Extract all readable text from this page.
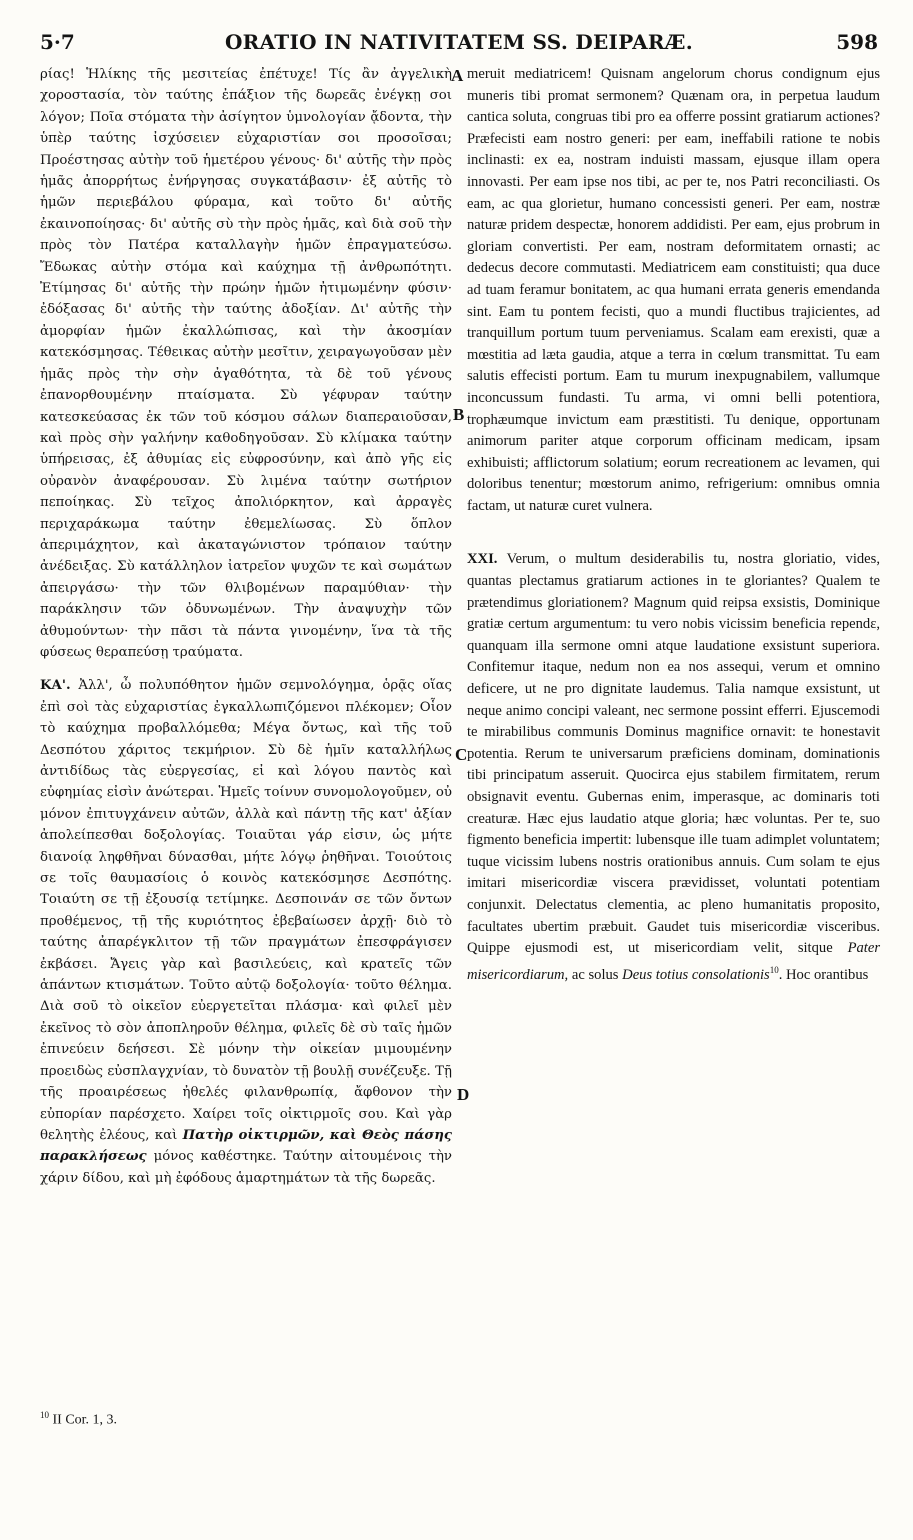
5·7	ORATIO IN NATIVITATEM SS. DEIPARÆ.	598

ρίας! Ἡλίκης τῆς μεσιτείας ἐπέτυχε! Τίς ἂν ἀγγελικὴ χοροστασία, τὸν ταύτης ἐπάξιον τῆς δωρεᾶς ἐνέγκῃ σοι λόγον; Ποῖα στόματα τὴν ἀσίγητον ὑμνολογίαν ᾄδοντα, τὴν ὑπὲρ ταύτης ἰσχύσειεν εὐχαριστίαν σοι προσοῖσαι; Προέστησας αὐτὴν τοῦ ἡμετέρου γένους· δι' αὐτῆς τὴν πρὸς ἡμᾶς ἀπορρήτως ἐνήργησας συγκατάβασιν· ἐξ αὐτῆς τὸ ἡμῶν περιεβάλου φύραμα, καὶ τοῦτο δι' αὐτῆς ἐκαινοποίησας· δι' αὐτῆς σὺ τὴν πρὸς ἡμᾶς, καὶ διὰ σοῦ τὴν πρὸς τὸν Πατέρα καταλλαγὴν ἡμῶν ἐπραγματεύσω. Ἔδωκας αὐτὴν στόμα καὶ καύχημα τῇ ἀνθρωπότητι. Ἐτίμησας δι' αὐτῆς τὴν πρώην ἡμῶν ἠτιμωμένην φύσιν· ἐδόξασας δι' αὐτῆς τὴν ταύτης ἀδοξίαν. Δι' αὐτῆς τὴν ἀμορφίαν ἡμῶν ἐκαλλώπισας, καὶ τὴν ἀκοσμίαν κατεκόσμησας. Τέθεικας αὐτὴν μεσῖτιν, χειραγωγοῦσαν μὲν ἡμᾶς πρὸς τὴν σὴν ἀγαθότητα, τὰ δὲ τοῦ γένους ἐπανορθουμένην πταίσματα. Σὺ γέφυραν ταύτην κατεσκεύασας ἐκ τῶν τοῦ κόσμου σάλων διαπεραιοῦσαν, καὶ πρὸς σὴν γαλήνην καθοδηγοῦσαν. Σὺ κλίμακα ταύτην ὑπήρεισας, ἐξ ἀθυμίας εἰς εὐφροσύνην, καὶ ἀπὸ γῆς εἰς οὐρανὸν ἀναφέρουσαν. Σὺ λιμένα ταύτην σωτήριον πεποίηκας. Σὺ τεῖχος ἀπολιόρκητον, καὶ ἀρραγὲς περιχαράκωμα ταύτην ἐθεμελίωσας. Σὺ ὅπλον ἀπεριμάχητον, καὶ ἀκαταγώνιστον τρόπαιον ταύτην ἀνέδειξας. Σὺ κατάλληλον ἰατρεῖον ψυχῶν τε καὶ σωμάτων ἀπειργάσω· τὴν τῶν θλιβομένων παραμύθιαν· τὴν παράκλησιν τῶν ὀδυνωμένων. Τὴν ἀναψυχὴν τῶν ἀθυμούντων· τὴν πᾶσι τὰ πάντα γινομένην, ἵνα τὰ τῆς φύσεως θεραπεύσῃ τραύματα.

ΚΑ'. Ἀλλ', ὦ πολυπόθητον ἡμῶν σεμνολόγημα, ὁρᾷς οἵας ἐπὶ σοὶ τὰς εὐχαριστίας ἐγκαλλωπιζόμενοι πλέκομεν; Οἷον τὸ καύχημα προβαλλόμεθα; Μέγα ὄντως, καὶ τῆς τοῦ Δεσπότου χάριτος τεκμήριον. Σὺ δὲ ἡμῖν καταλλήλως ἀντιδίδως τὰς εὐεργεσίας, εἰ καὶ λόγου παντὸς καὶ εὐφημίας εἰσὶν ἀνώτεραι. Ἡμεῖς τοίνυν συνομολογοῦμεν, οὐ μόνον ἐπιτυγχάνειν αὐτῶν, ἀλλὰ καὶ πάντῃ τῆς κατ' ἀξίαν ἀπολείπεσθαι δοξολογίας. Τοιαῦται γάρ εἰσιν, ὡς μήτε διανοίᾳ ληφθῆναι δύνασθαι, μήτε λόγῳ ῥηθῆναι. Τοιούτοις σε τοῖς θαυμασίοις ὁ κοινὸς κατεκόσμησε Δεσπότης. Τοιαύτη σε τῇ ἐξουσίᾳ τετίμηκε. Δεσποινάν σε τῶν ὄντων προθέμενος, τῇ τῆς κυριότητος ἐβεβαίωσεν ἀρχῇ· διὸ τὸ ταύτης ἀπαρέγκλιτον τῇ τῶν πραγμάτων ἐπεσφράγισεν ἐκβάσει. Ἄγεις γὰρ καὶ βασιλεύεις, καὶ κρατεῖς τῶν ἁπάντων κτισμάτων. Τοῦτο αὐτῷ δοξολογία· τοῦτο θέλημα. Διὰ σοῦ τὸ οἰκεῖον εὐεργετεῖται πλάσμα· καὶ φιλεῖ μὲν ἐκεῖνος τὸ σὸν ἀποπληροῦν θέλημα, φιλεῖς δὲ σὺ ταῖς ἡμῶν ἐπινεύειν δεήσεσι. Σὲ μόνην τὴν οἰκείαν μιμουμένην προειδὼς εὐσπλαγχνίαν, τὸ δυνατὸν τῇ βουλῇ συνέζευξε. Τῇ τῆς προαιρέσεως ἠθελές φιλανθρωπίᾳ, ἄφθονον τὴν εὐπορίαν παρέσχετο. Χαίρει τοῖς οἰκτιρμοῖς σου. Καὶ γὰρ θελητὴς ἐλέους, καὶ Πατὴρ οἰκτιρμῶν, καὶ Θεὸς πάσης παρακλήσεως μόνος καθέστηκε. Ταύτην αἰτουμένοις τὴν χάριν δίδου, καὶ μὴ ἐφόδους ἁμαρτημάτων τὰ τῆς δωρεᾶς.

A
B
C
D

meruit mediatricem! Quisnam angelorum chorus condignum ejus muneris tibi promat sermonem? Quænam ora, in perpetua laudum cantica soluta, congruas tibi pro ea offerre possint gratiarum actiones? Præfecisti eam nostro generi: per eam, ineffabili ratione te nobis inclinasti: ex ea, nostram induisti massam, ejusque illam opera innovasti. Per eam ipse nos tibi, ac per te, nos Patri reconciliasti. Os eam, ac qua glorietur, humano concessisti generi. Per eam, nostræ naturæ pridem despectæ, honorem addidisti. Per eam, ejus probrum in gloriam convertisti. Per eam, nostram deformitatem ornasti; ac dedecus decore commutasti. Mediatricem eam constituisti; qua duce ad tuam feramur bonitatem, ac qua humani errata generis emendanda sint. Eam tu pontem fecisti, quo a mundi fluctibus trajicientes, ad tranquillum portum tuum perveniamus. Scalam eam erexisti, quæ a mœstitia ad læta gaudia, atque a terra in cœlum transmittat. Tu eam salutis effecisti portum. Eam tu murum inexpugnabilem, vallumque inconcussum fundasti. Tu arma, vi omni belli potentiora, trophæumque invictum eam præstitisti. Tu denique, opportunam animorum pariter atque corporum officinam medicam, ipsam exhibuisti; afflictorum solatium; eorum recreationem ac levamen, qui doloribus tenentur; mœstorum animo, refrigerium: omnibus omnia factam, ut naturæ curet vulnera.

XXI. Verum, o multum desiderabilis tu, nostra gloriatio, vides, quantas plectamus gratiarum actiones in te gloriantes? Qualem te prætendimus gloriationem? Magnum quid reipsa exsistis, Dominique gratiæ certum argumentum: tu vero nobis vicissim beneficia rependε, quanquam illa sermone omni atque laudatione exsistunt superiora. Confitemur itaque, nedum non ea nos assequi, verum et omnino deficere, ut ne pro dignitate laudemus. Talia namque exsistunt, ut neque animo concipi valeant, nec sermone possint efferri. Ejuscemodi te mirabilibus communis Dominus magnifice ornavit: te honestavit potentia. Rerum te universarum præficiens dominam, dominationis tibi principatum asseruit. Quocirca ejus stabilem firmitatem, rerum obsignavit eventu. Gubernas enim, imperasque, ac dominaris toti creaturæ. Hæc ejus laudatio atque gloria; hæc voluntas. Per te, suo figmento beneficia impertit: lubensque ille tuam adimplet voluntatem; tuque vicissim lubens nostris orationibus annuis. Cum solam te ejus imitari misericordiæ viscera prævidisset, voluntati potentiam conjunxit. Delectatus clementia, ac pleno humanitatis proposito, facultates ubertim præbuit. Gaudet tuis misericordiæ visceribus. Quippe ejusmodi est, ut misericordiam velit, sitque Pater misericordiarum, ac solus Deus totius consolationis$^{10}$. Hoc orantibus

$^{10}$ II Cor. 1, 3.
